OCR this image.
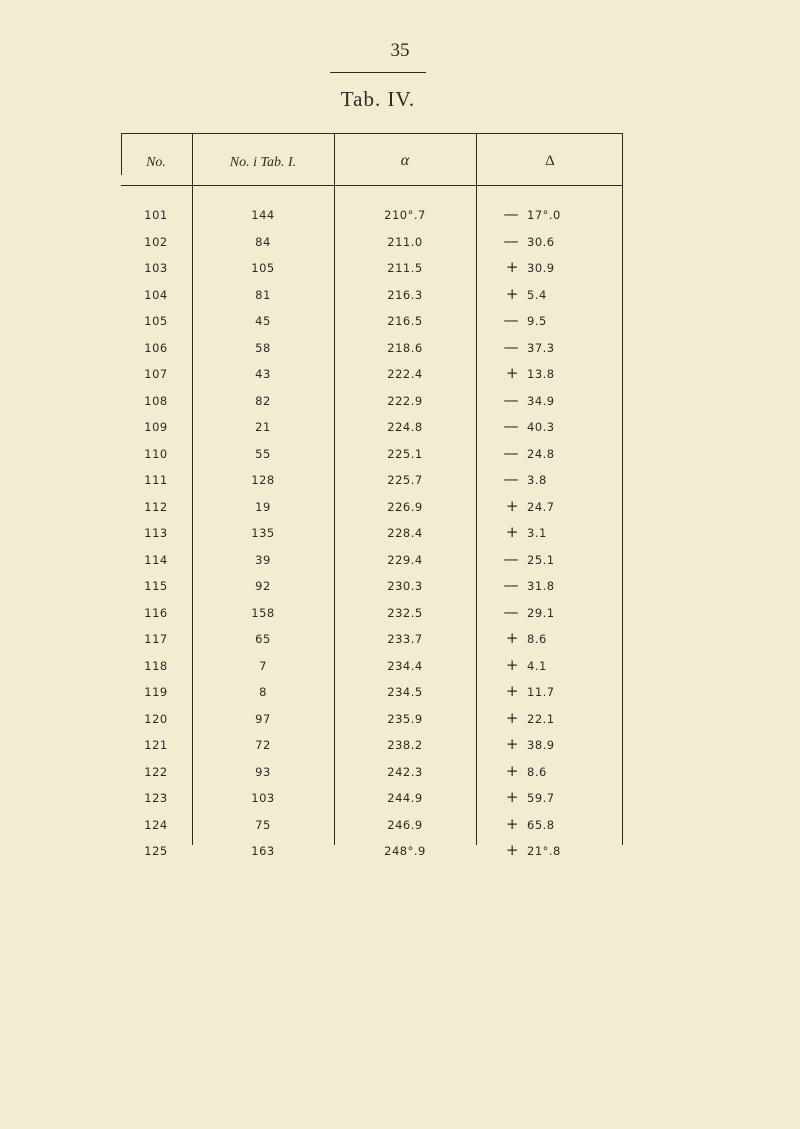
35
Tab. IV.
No.	No. i Tab. I.	α	Δ
101	144	210°.7	— 17°.0
102	84	211.0	— 30.6
103	105	211.5	+ 30.9
104	81	216.3	+ 5.4
105	45	216.5	— 9.5
106	58	218.6	— 37.3
107	43	222.4	+ 13.8
108	82	222.9	— 34.9
109	21	224.8	— 40.3
110	55	225.1	— 24.8
111	128	225.7	— 3.8
112	19	226.9	+ 24.7
113	135	228.4	+ 3.1
114	39	229.4	— 25.1
115	92	230.3	— 31.8
116	158	232.5	— 29.1
117	65	233.7	+ 8.6
118	7	234.4	+ 4.1
119	8	234.5	+ 11.7
120	97	235.9	+ 22.1
121	72	238.2	+ 38.9
122	93	242.3	+ 8.6
123	103	244.9	+ 59.7
124	75	246.9	+ 65.8
125	163	248°.9	+ 21°.8
